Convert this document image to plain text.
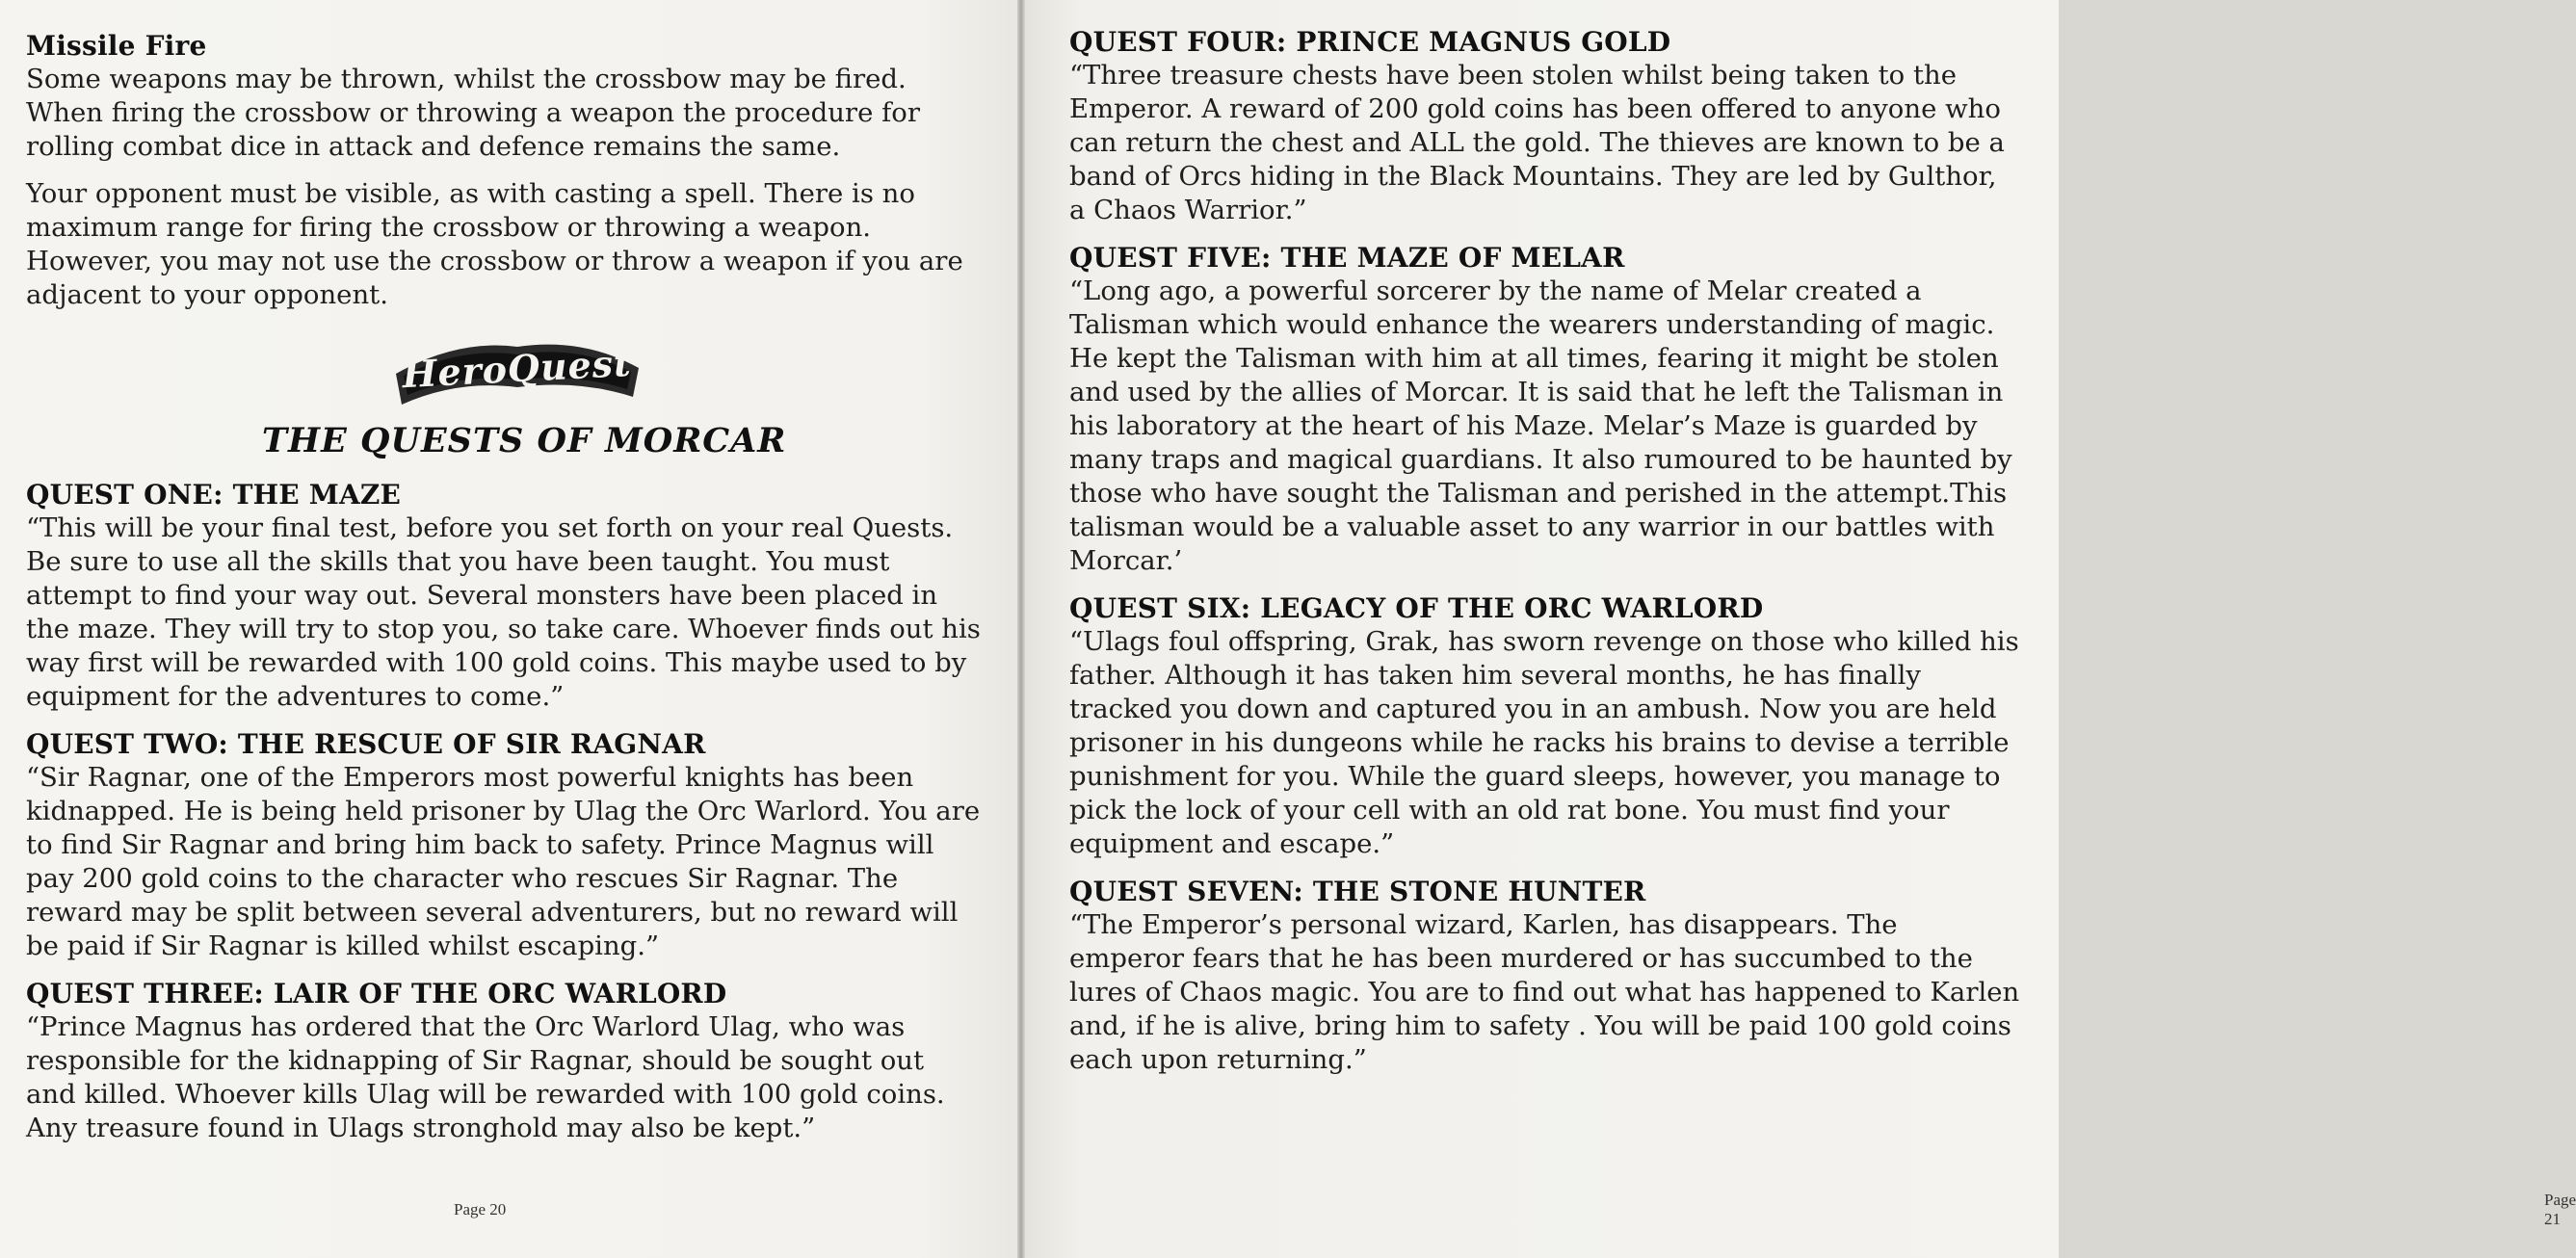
Missile Fire

Some weapons may be thrown, whilst the crossbow may be fired. When firing the crossbow or throwing a weapon the procedure for rolling combat dice in attack and defence remains the same.

Your opponent must be visible, as with casting a spell. There is no maximum range for firing the crossbow or throwing a weapon. However, you may not use the crossbow or throw a weapon if you are adjacent to your opponent.

HeroQuest
THE QUESTS OF MORCAR
QUEST ONE: THE MAZE

“This will be your final test, before you set forth on your real Quests. Be sure to use all the skills that you have been taught. You must attempt to find your way out. Several monsters have been placed in the maze. They will try to stop you, so take care. Whoever finds out his way first will be rewarded with 100 gold coins. This maybe used to by equipment for the adventures to come.”

QUEST TWO: THE RESCUE OF SIR RAGNAR

“Sir Ragnar, one of the Emperors most powerful knights has been kidnapped. He is being held prisoner by Ulag the Orc Warlord. You are to find Sir Ragnar and bring him back to safety. Prince Magnus will pay 200 gold coins to the character who rescues Sir Ragnar. The reward may be split between several adventurers, but no reward will be paid if Sir Ragnar is killed whilst escaping.”

QUEST THREE: LAIR OF THE ORC WARLORD

“Prince Magnus has ordered that the Orc Warlord Ulag, who was responsible for the kidnapping of Sir Ragnar, should be sought out and killed. Whoever kills Ulag will be rewarded with 100 gold coins. Any treasure found in Ulags stronghold may also be kept.”

Page 20
QUEST FOUR: PRINCE MAGNUS GOLD

“Three treasure chests have been stolen whilst being taken to the Emperor. A reward of 200 gold coins has been offered to anyone who can return the chest and ALL the gold. The thieves are known to be a band of Orcs hiding in the Black Mountains. They are led by Gulthor, a Chaos Warrior.”

QUEST FIVE: THE MAZE OF MELAR

“Long ago, a powerful sorcerer by the name of Melar created a Talisman which would enhance the wearers understanding of magic. He kept the Talisman with him at all times, fearing it might be stolen and used by the allies of Morcar. It is said that he left the Talisman in his laboratory at the heart of his Maze. Melar’s Maze is guarded by many traps and magical guardians. It also rumoured to be haunted by those who have sought the Talisman and perished in the attempt.This talisman would be a valuable asset to any warrior in our battles with Morcar.’

QUEST SIX: LEGACY OF THE ORC WARLORD

“Ulags foul offspring, Grak, has sworn revenge on those who killed his father. Although it has taken him several months, he has finally tracked you down and captured you in an ambush. Now you are held prisoner in his dungeons while he racks his brains to devise a terrible punishment for you. While the guard sleeps, however, you manage to pick the lock of your cell with an old rat bone. You must find your equipment and escape.”

QUEST SEVEN: THE STONE HUNTER

“The Emperor’s personal wizard, Karlen, has disappears. The emperor fears that he has been murdered or has succumbed to the lures of Chaos magic. You are to find out what has happened to Karlen and, if he is alive, bring him to safety . You will be paid 100 gold coins each upon returning.”

Page 21
